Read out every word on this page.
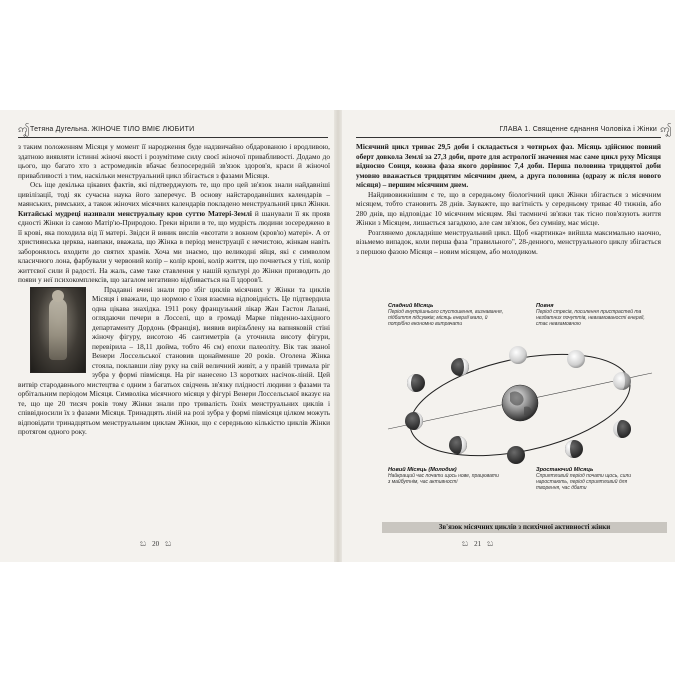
ꩵ Тетяна Дугельна. ЖІНОЧЕ ТІЛО ВМІЄ ЛЮБИТИ

з таким положенням Місяця у момент її народження буде надзвичайно обдарованою і вродливою, здатною виявляти істинні жіночі якості і розумітиме силу своєї жіночої привабливості. Додамо до цього, що багато хто з астромедиків вбачає безпосередній зв'язок здоров'я, краси й жіночої привабливості з тим, наскільки менструальний цикл збігається з фазами Місяця.

Ось іще декілька цікавих фактів, які підтверджують те, що про цей зв'язок знали найдавніші цивілізації, тоді як сучасна наука його заперечує. В основу найстародавніших календарів – маянських, римських, а також жіночих місячних календарів покладено менструальний цикл Жінки. Китайські мудреці називали менструальну кров суттю Матері-Землі й шанували її як прояв єдності Жінки із самою Матір'ю-Природою. Греки вірили в те, що мудрість людини зосереджено в її крові, яка походила від її матері. Звідси й виник вислів «вєотати з вокном (кров'ю) матері». А от християнська церква, навпаки, вважала, що Жінка в період менструації є нечистою, жінкам навіть заборонялось входити до святих храмів. Хоча ми знаємо, що великодні яйця, які є символом класичного лона, фарбували у червоний колір – колір крові, колір життя, що почнеться у тілі, колір життєвої сили й радості. На жаль, саме таке ставлення у нашій культурі до Жінки призводить до появи у неї психокомплексів, що загалом негативно відбивається на її здоров'ї.

Прадавні вчені знали про збіг циклів місячних у Жінки та циклів Місяця і вважали, що нормою є їхня взаємна відповідність. Це підтвердила одна цікава знахідка. 1911 року французький лікар Жан Гастон Лалані, оглядаючи печери в Лосселі, що в громаді Марке південно-західного департаменту Дордонь (Франція), виявив вирізьблену на вапняковій стіні жіночу фігуру, висотою 46 сантиметрів (а уточнила висоту фігури, перевірила – 18,11 дюйма, тобто 46 см) епохи палеоліту. Вік так званої Венери Лоссельської становив щонайменше 20 років. Оголена Жінка стояла, поклавши ліву руку на свій величний живіт, а у правій тримала ріг зубра у формі півмісяця. На ріг нанесено 13 коротких насічок-ліній. Цей витвір стародавнього мистецтва є одним з багатьох свідчень зв'язку плідності людини з фазами та орбітальним періодом Місяця. Символіка місячного місяця у фігурі Венери Лоссельської вказує на те, що ще 20 тисяч років тому Жінки знали про тривалість їхніх менструальних циклів і співвідносили їх з фазами Місяця. Тринадцять ліній на розі зубра у формі півмісяця цілком можуть відповідати тринадцятьом менструальним циклам Жінки, що є середньою кількістю циклів Жінки протягом одного року.

ಬ 20 ಬ
ГЛАВА 1. Священне єднання Чоловіка і Жінки ꩵ

Місячний цикл триває 29,5 доби і складається з чотирьох фаз. Місяць здійснює повний оберт довкола Землі за 27,3 доби, проте для астрології значення має саме цикл руху Місяця відносно Сонця, кожна фаза якого дорівнює 7,4 доби. Перша половина тридцятої доби умовно вважається тридцятим місячним днем, а друга половина (одразу ж після нового місяця) – першим місячним днем.

Найдивовижнішим є те, що в середньому біологічний цикл Жінки збігається з місячним місяцем, тобто становить 28 днів. Зауважте, що вагітність у середньому триває 40 тижнів, або 280 днів, що відповідає 10 місячним місяцям. Які таємничі зв'язки так тісно пов'язують життя Жінки з Місяцем, лишається загадкою, але сам зв'язок, без сумніву, має місце.

Розглянемо докладніше менструальний цикл. Щоб «картинка» вийшла максимально наочно, візьмемо випадок, коли перша фаза "правильного", 28-денного, менструального циклу збігається з першою фазою Місяця – новим місяцем, або молодиком.

Спадний Місяць
Період внутрішнього спустошення, визнавання, підбиття підсумків; місяць енергії мало, й потрібно економно витрачати
Повня
Період стресів, посилення пристрастей та нездатних почуттів, невгамованості енергії, стає невгамовною
Новий Місяць (Молодик)
Найкращий час почати щось нове, працювати з майбутнім, час активності
Зростаючий Місяць
Сприятливий період почати щось, сили наростають, період сприятливий для творення, час дбати
Зв'язок місячних циклів з психічної активності жінки
ಬ 21 ಬ
